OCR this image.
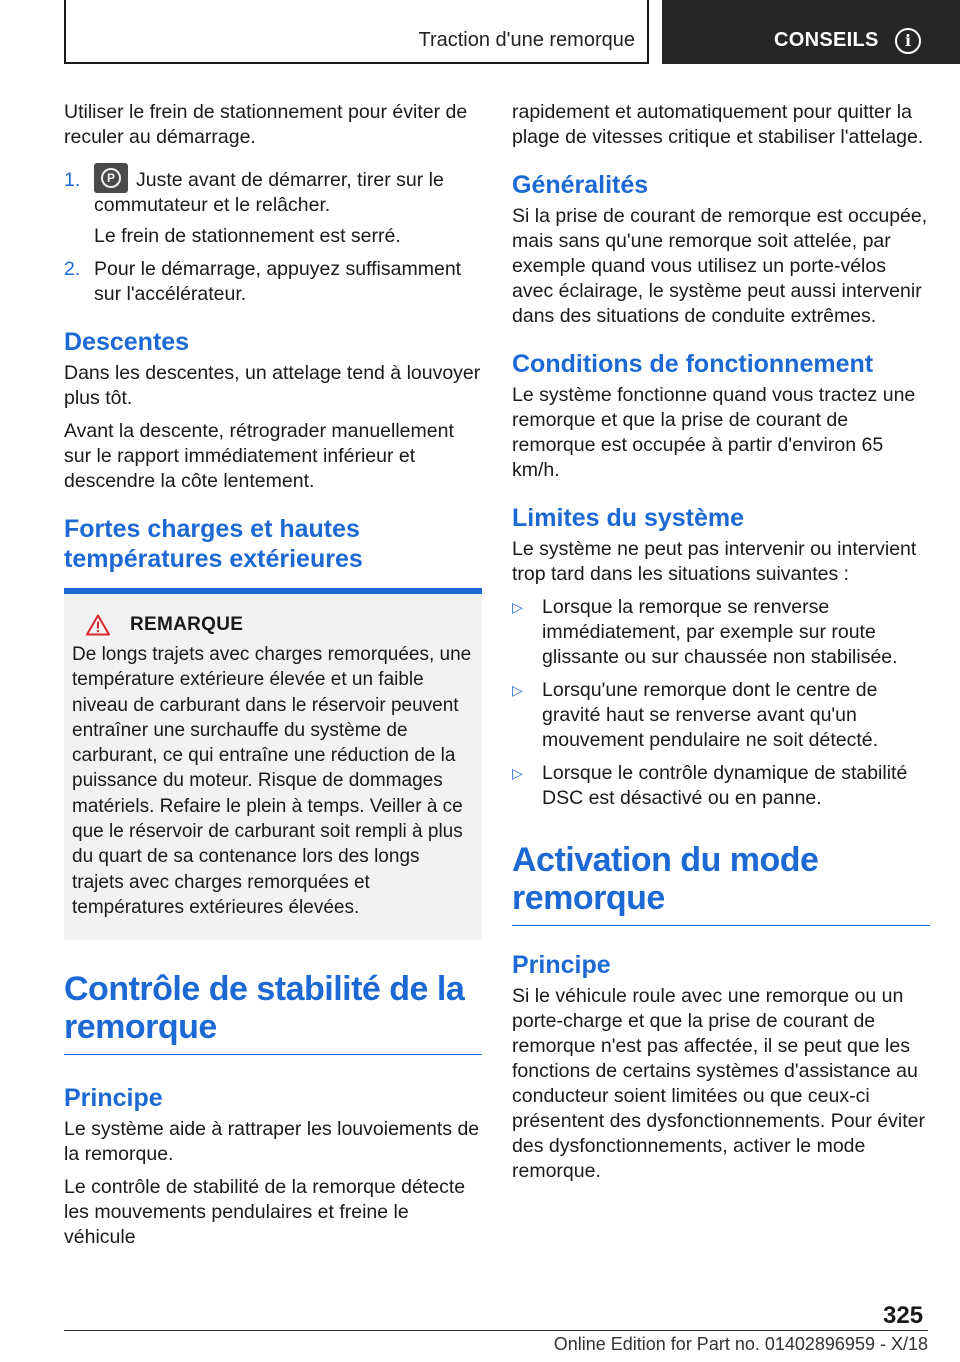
Traction d'une remorque	CONSEILS	i

Utiliser le frein de stationnement pour éviter de reculer au démarrage.

1.	P	Juste avant de démarrer, tirer sur le commutateur et le relâcher.

Le frein de stationnement est serré.

2. Pour le démarrage, appuyez suffisamment sur l'accélérateur.

Descentes

Dans les descentes, un attelage tend à louvoyer plus tôt.

Avant la descente, rétrograder manuellement sur le rapport immédiatement inférieur et descendre la côte lentement.

Fortes charges et hautes températures extérieures
REMARQUE

De longs trajets avec charges remorquées, une température extérieure élevée et un faible niveau de carburant dans le réservoir peuvent entraîner une surchauffe du système de carburant, ce qui entraîne une réduction de la puissance du moteur. Risque de dommages matériels. Refaire le plein à temps. Veiller à ce que le réservoir de carburant soit rempli à plus du quart de sa contenance lors des longs trajets avec charges remorquées et températures extérieures élevées.

Contrôle de stabilité de la remorque
Principe

Le système aide à rattraper les louvoiements de la remorque.

Le contrôle de stabilité de la remorque détecte les mouvements pendulaires et freine le véhicule

rapidement et automatiquement pour quitter la plage de vitesses critique et stabiliser l'attelage.

Généralités

Si la prise de courant de remorque est occupée, mais sans qu'une remorque soit attelée, par exemple quand vous utilisez un porte-vélos avec éclairage, le système peut aussi intervenir dans des situations de conduite extrêmes.

Conditions de fonctionnement

Le système fonctionne quand vous tractez une remorque et que la prise de courant de remorque est occupée à partir d'environ 65 km/h.

Limites du système

Le système ne peut pas intervenir ou intervient trop tard dans les situations suivantes :

▷ Lorsque la remorque se renverse immédiatement, par exemple sur route glissante ou sur chaussée non stabilisée.

▷ Lorsqu'une remorque dont le centre de gravité haut se renverse avant qu'un mouvement pendulaire ne soit détecté.

▷ Lorsque le contrôle dynamique de stabilité DSC est désactivé ou en panne.

Activation du mode remorque
Principe

Si le véhicule roule avec une remorque ou un porte-charge et que la prise de courant de remorque n'est pas affectée, il se peut que les fonctions de certains systèmes d'assistance au conducteur soient limitées ou que ceux-ci présentent des dysfonctionnements. Pour éviter des dysfonctionnements, activer le mode remorque.

325
Online Edition for Part no. 01402896959 - X/18
